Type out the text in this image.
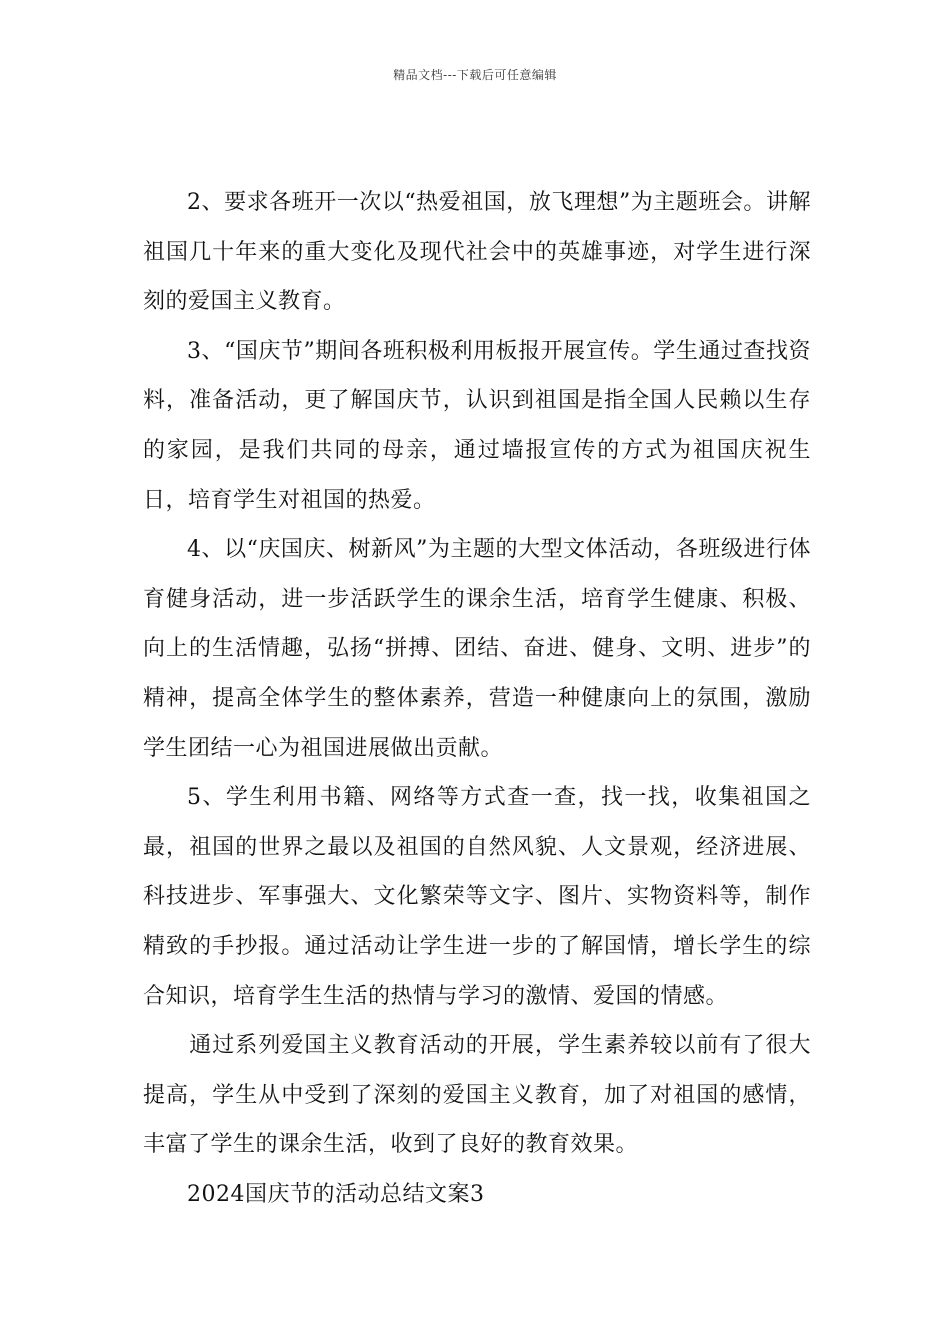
精品文档---下载后可任意编辑

2、要求各班开一次以“热爱祖国，放飞理想”为主题班会。讲解祖国几十年来的重大变化及现代社会中的英雄事迹，对学生进行深刻的爱国主义教育。

3、“国庆节”期间各班积极利用板报开展宣传。学生通过查找资料，准备活动，更了解国庆节，认识到祖国是指全国人民赖以生存的家园，是我们共同的母亲，通过墙报宣传的方式为祖国庆祝生日，培育学生对祖国的热爱。

4、以“庆国庆、树新风”为主题的大型文体活动，各班级进行体育健身活动，进一步活跃学生的课余生活，培育学生健康、积极、向上的生活情趣，弘扬“拼搏、团结、奋进、健身、文明、进步”的精神，提高全体学生的整体素养，营造一种健康向上的氛围，激励学生团结一心为祖国进展做出贡献。

5、学生利用书籍、网络等方式查一查，找一找，收集祖国之最，祖国的世界之最以及祖国的自然风貌、人文景观，经济进展、科技进步、军事强大、文化繁荣等文字、图片、实物资料等，制作精致的手抄报。通过活动让学生进一步的了解国情，增长学生的综合知识，培育学生生活的热情与学习的激情、爱国的情感。

通过系列爱国主义教育活动的开展，学生素养较以前有了很大提高，学生从中受到了深刻的爱国主义教育，加了对祖国的感情，丰富了学生的课余生活，收到了良好的教育效果。

2024国庆节的活动总结文案3
